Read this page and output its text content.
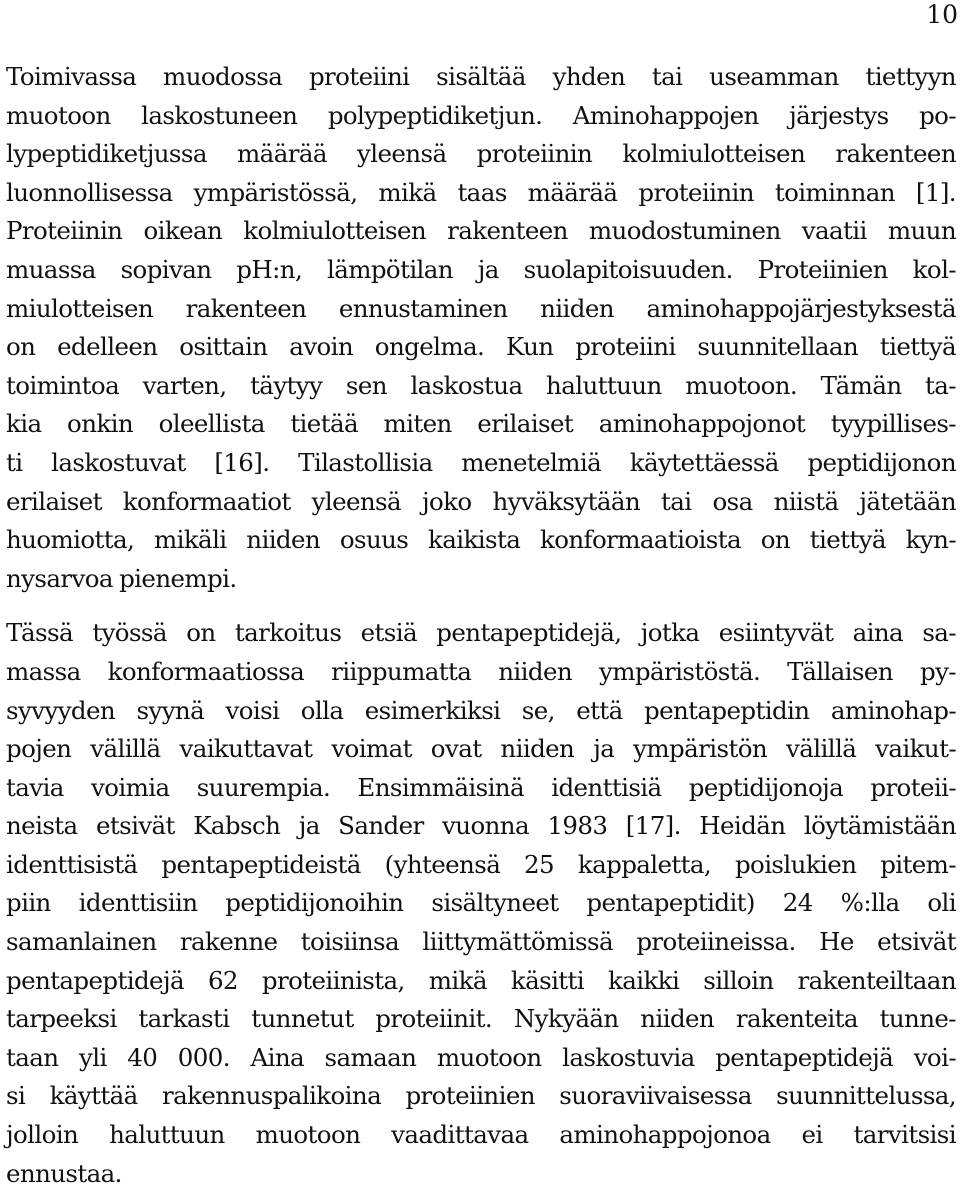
10

Toimivassa muodossa proteiini sisältää yhden tai useamman tiettyyn
muotoon laskostuneen polypeptidiketjun. Aminohappojen järjestys po-
lypeptidiketjussa määrää yleensä proteiinin kolmiulotteisen rakenteen
luonnollisessa ympäristössä, mikä taas määrää proteiinin toiminnan [1].
Proteiinin oikean kolmiulotteisen rakenteen muodostuminen vaatii muun
muassa sopivan pH:n, lämpötilan ja suolapitoisuuden. Proteiinien kol-
miulotteisen rakenteen ennustaminen niiden aminohappojärjestyksestä
on edelleen osittain avoin ongelma. Kun proteiini suunnitellaan tiettyä
toimintoa varten, täytyy sen laskostua haluttuun muotoon. Tämän ta-
kia onkin oleellista tietää miten erilaiset aminohappojonot tyypillises-
ti laskostuvat [16]. Tilastollisia menetelmiä käytettäessä peptidijonon
erilaiset konformaatiot yleensä joko hyväksytään tai osa niistä jätetään
huomiotta, mikäli niiden osuus kaikista konformaatioista on tiettyä kyn-
nysarvoa pienempi.

Tässä työssä on tarkoitus etsiä pentapeptidejä, jotka esiintyvät aina sa-
massa konformaatiossa riippumatta niiden ympäristöstä. Tällaisen py-
syvyyden syynä voisi olla esimerkiksi se, että pentapeptidin aminohap-
pojen välillä vaikuttavat voimat ovat niiden ja ympäristön välillä vaikut-
tavia voimia suurempia. Ensimmäisinä identtisiä peptidijonoja proteii-
neista etsivät Kabsch ja Sander vuonna 1983 [17]. Heidän löytämistään
identtisistä pentapeptideistä (yhteensä 25 kappaletta, poislukien pitem-
piin identtisiin peptidijonoihin sisältyneet pentapeptidit) 24 %:lla oli
samanlainen rakenne toisiinsa liittymättömissä proteiineissa. He etsivät
pentapeptidejä 62 proteiinista, mikä käsitti kaikki silloin rakenteiltaan
tarpeeksi tarkasti tunnetut proteiinit. Nykyään niiden rakenteita tunne-
taan yli 40 000. Aina samaan muotoon laskostuvia pentapeptidejä voi-
si käyttää rakennuspalikoina proteiinien suoraviivaisessa suunnittelussa,
jolloin haluttuun muotoon vaadittavaa aminohappojonoa ei tarvitsisi
ennustaa.
